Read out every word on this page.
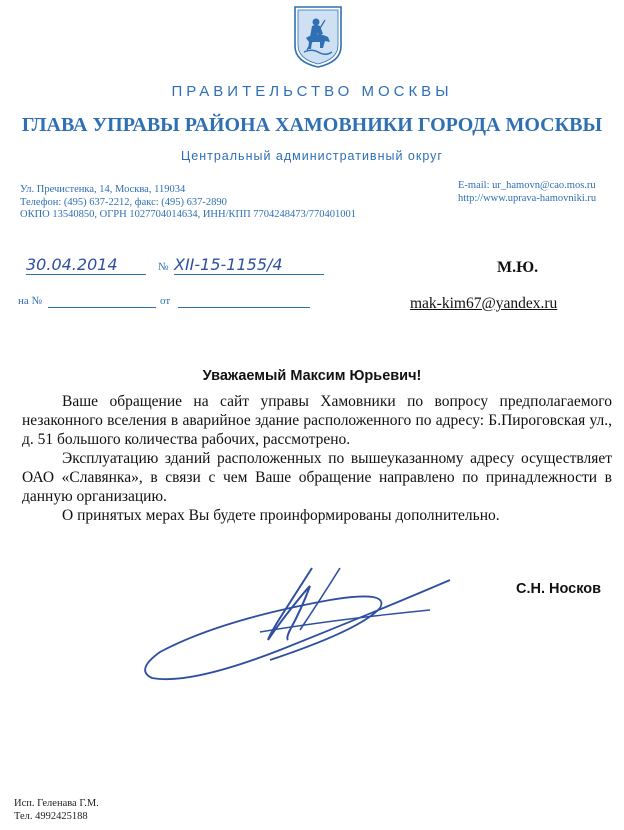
ПРАВИТЕЛЬСТВО МОСКВЫ
ГЛАВА УПРАВЫ РАЙОНА ХАМОВНИКИ ГОРОДА МОСКВЫ
Центральный административный округ
Ул. Пречистенка, 14, Москва, 119034
Телефон: (495) 637-2212, факс: (495) 637-2890
ОКПО 13540850, ОГРН 1027704014634, ИНН/КПП 7704248473/770401001
E-mail: ur_hamovn@cao.mos.ru
http://www.uprava-hamovniki.ru
30.04.2014	№ ХII-15-1155/4
на №	от
М.Ю.
mak-kim67@yandex.ru
Уважаемый Максим Юрьевич!

Ваше обращение на сайт управы Хамовники по вопросу предполагаемого незаконного вселения в аварийное здание расположенного по адресу: Б.Пироговская ул., д. 51 большого количества рабочих, рассмотрено.

Эксплуатацию зданий расположенных по вышеуказанному адресу осуществляет ОАО «Славянка», в связи с чем Ваше обращение направлено по принадлежности в данную организацию.

О принятых мерах Вы будете проинформированы дополнительно.

С.Н. Носков
Исп. Геленава Г.М.
Тел. 4992425188
